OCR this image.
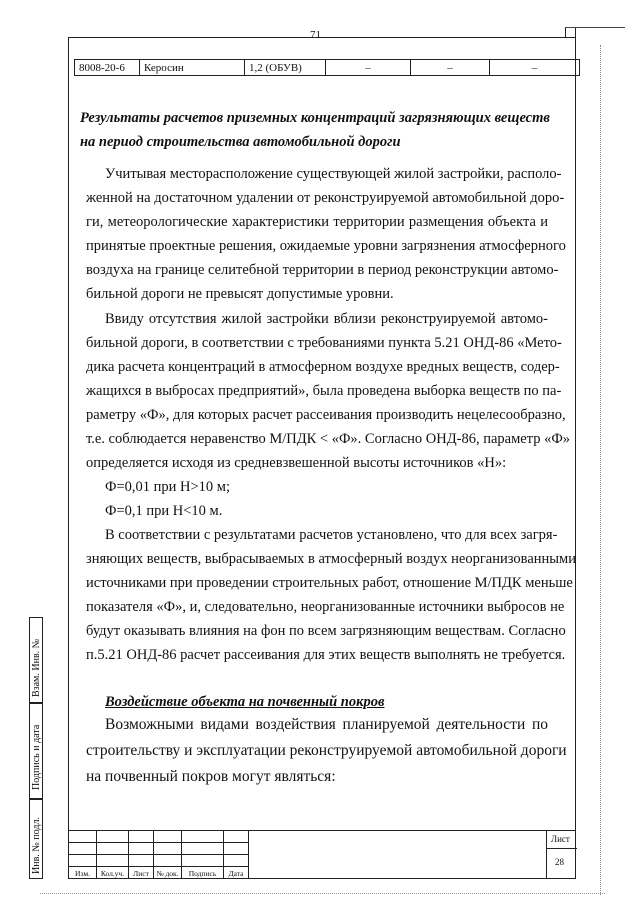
71
8008-20-6	Керосин	1,2 (ОБУВ)	–	–	–
Результаты расчетов приземных концентраций загрязняющих веществ
на период строительства автомобильной дороги
Учитывая месторасположение существующей жилой застройки, располо-
женной на достаточном удалении от реконструируемой автомобильной доро-
ги, метеорологические характеристики территории размещения объекта и
принятые проектные решения, ожидаемые уровни загрязнения атмосферного
воздуха на границе селитебной территории в период реконструкции автомо-
бильной дороги не превысят допустимые уровни.
Ввиду отсутствия жилой застройки вблизи реконструируемой автомо-
бильной дороги, в соответствии с требованиями пункта 5.21 ОНД-86 «Мето-
дика расчета концентраций в атмосферном воздухе вредных веществ, содер-
жащихся в выбросах предприятий», была проведена выборка веществ по па-
раметру «Ф», для которых расчет рассеивания производить нецелесообразно,
т.е. соблюдается неравенство М/ПДК < «Ф». Согласно ОНД-86, параметр «Ф»
определяется исходя из средневзвешенной высоты источников «Н»:
Ф=0,01 при Н>10 м;
Ф=0,1 при Н<10 м.
В соответствии с результатами расчетов установлено, что для всех загря-
зняющих веществ, выбрасываемых в атмосферный воздух неорганизованными
источниками при проведении строительных работ, отношение М/ПДК меньше
показателя «Ф», и, следовательно, неорганизованные источники выбросов не
будут оказывать влияния на фон по всем загрязняющим веществам. Согласно
п.5.21 ОНД-86 расчет рассеивания для этих веществ выполнять не требуется.
Воздействие объекта на почвенный покров
Возможными видами воздействия планируемой деятельности по
строительству и эксплуатации реконструируемой автомобильной дороги
на почвенный покров могут являться:
Взам. Инв. №
Подпись и дата
Инв. № подл.

						Изм.	Кол.уч.	Лист	№ док.	Подпись	Дата
Лист
28
